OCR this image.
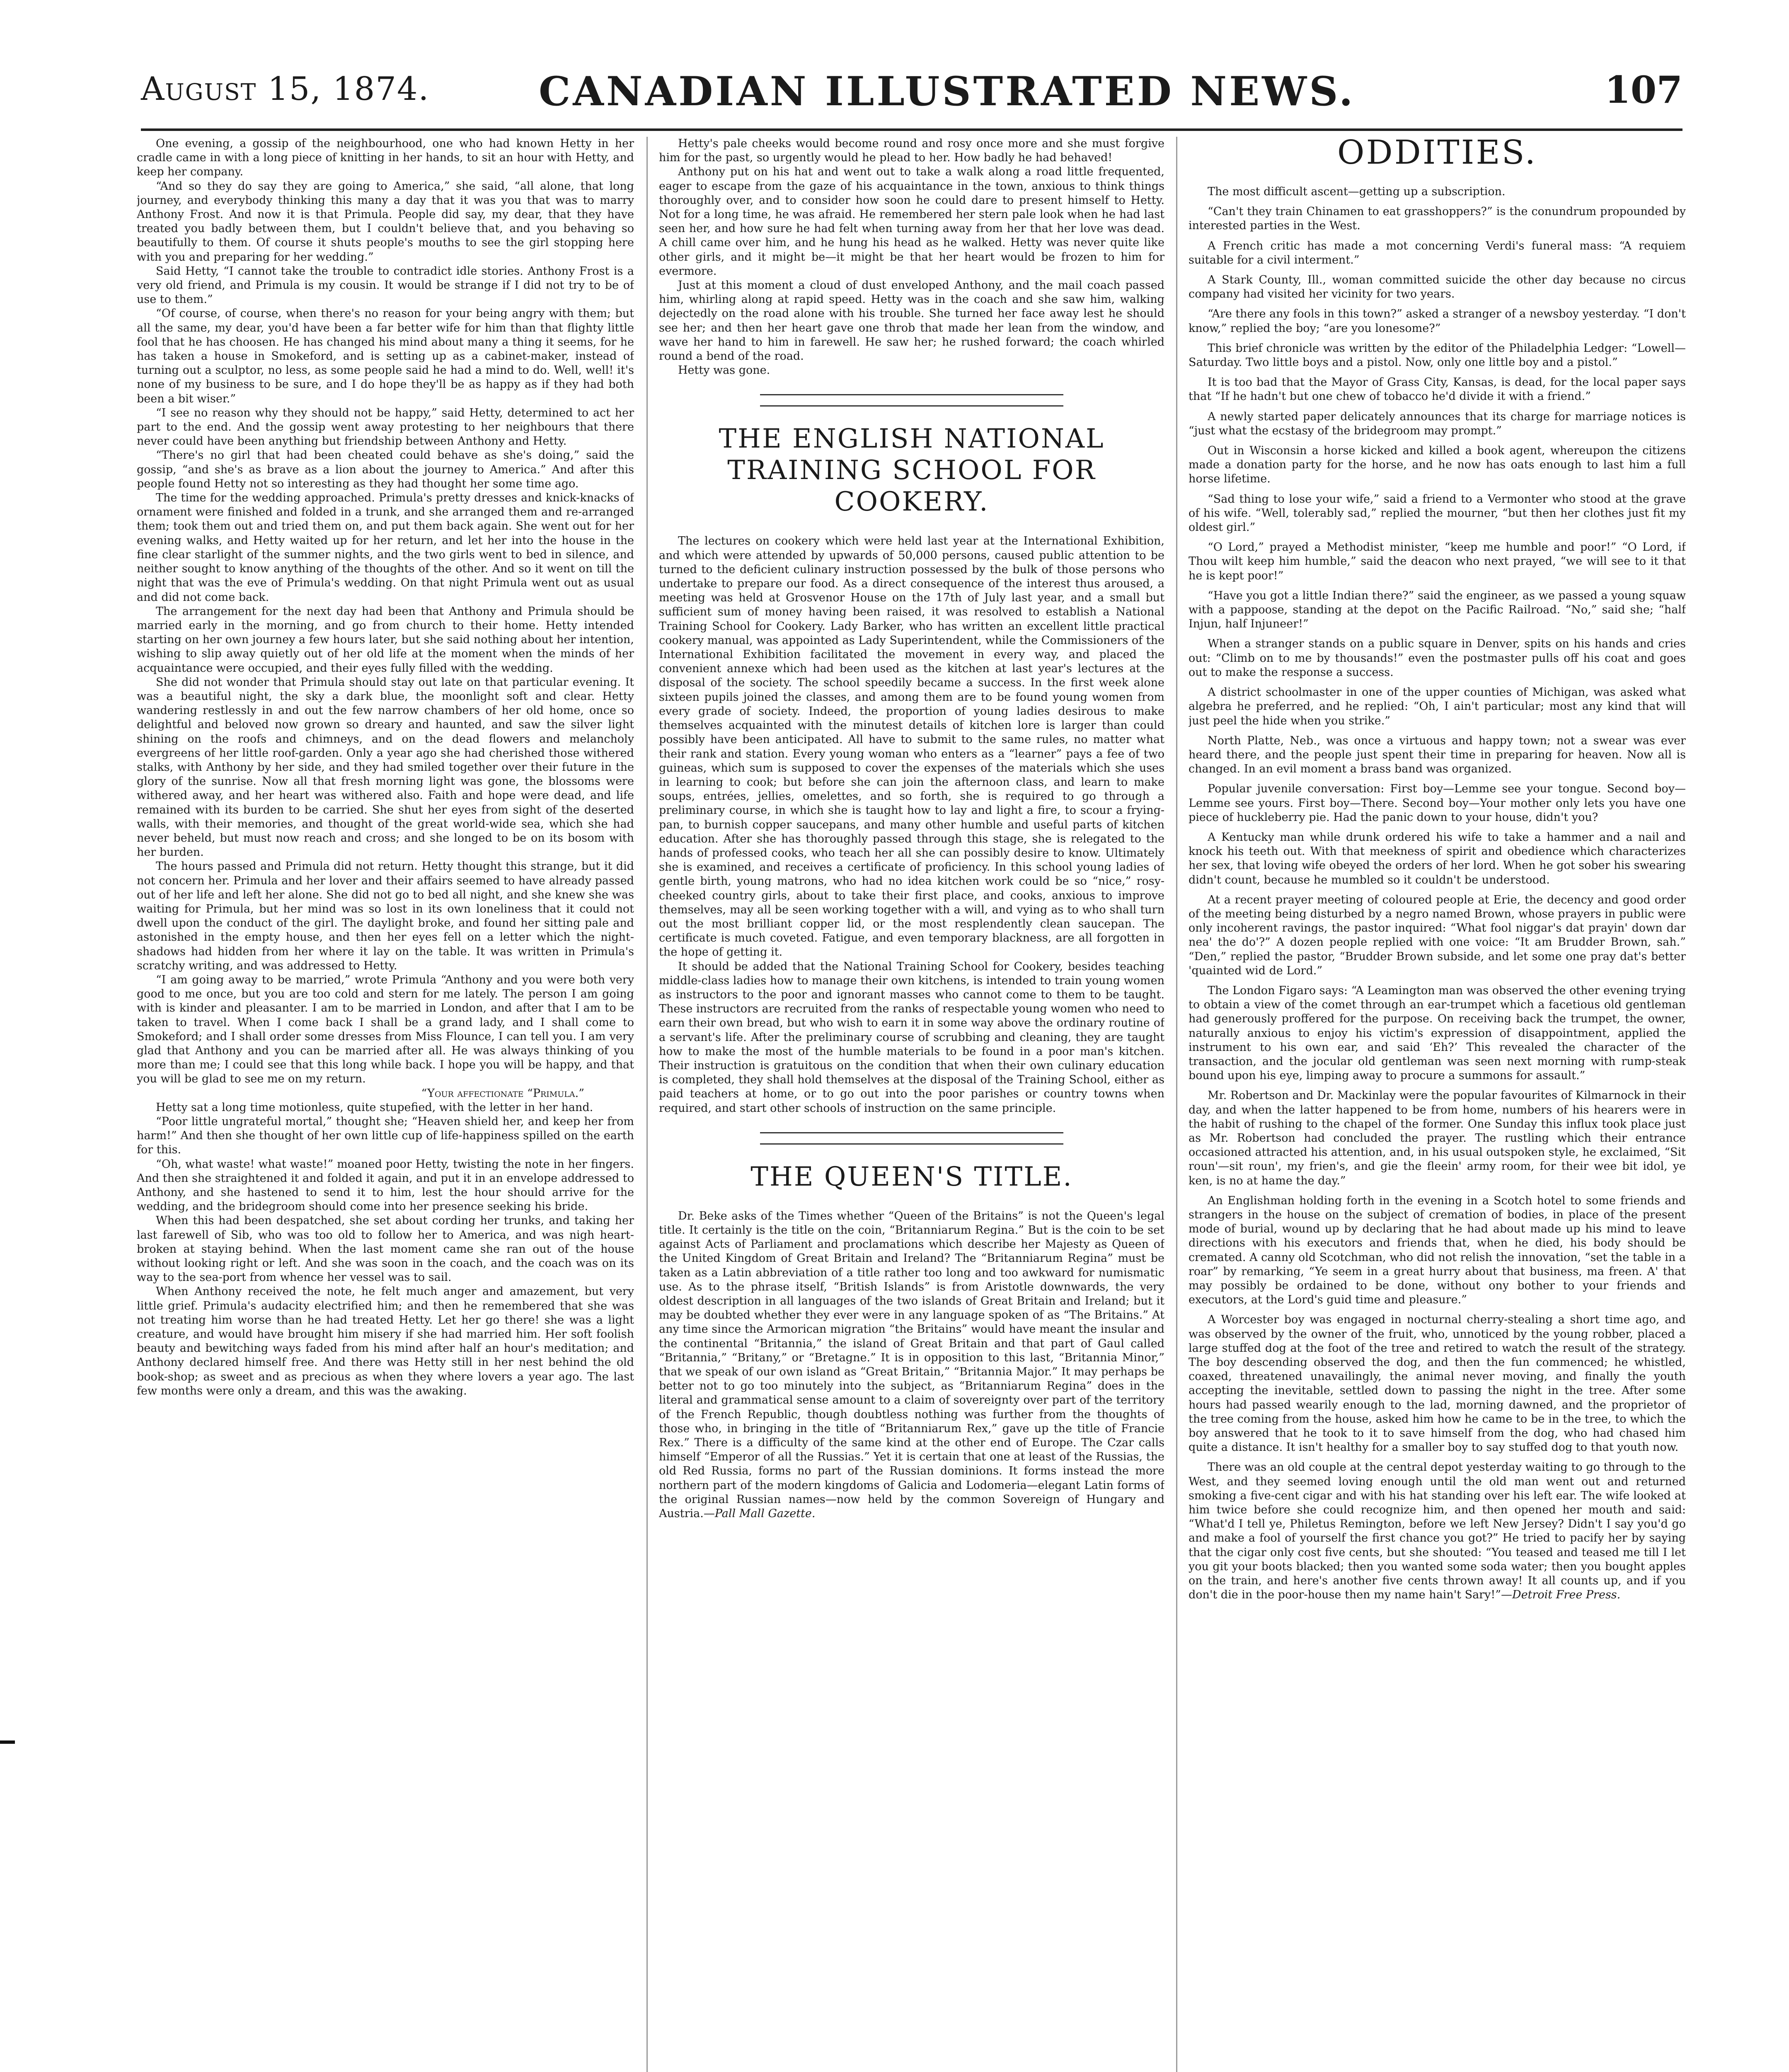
August 15, 1874.	CANADIAN ILLUSTRATED NEWS.	107

One evening, a gossip of the neighbourhood, one who had known Hetty in her cradle came in with a long piece of knitting in her hands, to sit an hour with Hetty, and keep her company.

“And so they do say they are going to America,” she said, “all alone, that long journey, and everybody thinking this many a day that it was you that was to marry Anthony Frost. And now it is that Primula. People did say, my dear, that they have treated you badly between them, but I couldn't believe that, and you behaving so beautifully to them. Of course it shuts people's mouths to see the girl stopping here with you and preparing for her wedding.”

Said Hetty, “I cannot take the trouble to contradict idle stories. Anthony Frost is a very old friend, and Primula is my cousin. It would be strange if I did not try to be of use to them.”

“Of course, of course, when there's no reason for your being angry with them; but all the same, my dear, you'd have been a far better wife for him than that flighty little fool that he has choosen. He has changed his mind about many a thing it seems, for he has taken a house in Smokeford, and is setting up as a cabinet-maker, instead of turning out a sculptor, no less, as some people said he had a mind to do. Well, well! it's none of my business to be sure, and I do hope they'll be as happy as if they had both been a bit wiser.”

“I see no reason why they should not be happy,” said Hetty, determined to act her part to the end. And the gossip went away protesting to her neighbours that there never could have been anything but friendship between Anthony and Hetty.

“There's no girl that had been cheated could behave as she's doing,” said the gossip, “and she's as brave as a lion about the journey to America.” And after this people found Hetty not so interesting as they had thought her some time ago.

The time for the wedding approached. Primula's pretty dresses and knick-knacks of ornament were finished and folded in a trunk, and she arranged them and re-arranged them; took them out and tried them on, and put them back again. She went out for her evening walks, and Hetty waited up for her return, and let her into the house in the fine clear starlight of the summer nights, and the two girls went to bed in silence, and neither sought to know anything of the thoughts of the other. And so it went on till the night that was the eve of Primula's wedding. On that night Primula went out as usual and did not come back.

The arrangement for the next day had been that Anthony and Primula should be married early in the morning, and go from church to their home. Hetty intended starting on her own journey a few hours later, but she said nothing about her intention, wishing to slip away quietly out of her old life at the moment when the minds of her acquaintance were occupied, and their eyes fully filled with the wedding.

She did not wonder that Primula should stay out late on that particular evening. It was a beautiful night, the sky a dark blue, the moonlight soft and clear. Hetty wandering restlessly in and out the few narrow chambers of her old home, once so delightful and beloved now grown so dreary and haunted, and saw the silver light shining on the roofs and chimneys, and on the dead flowers and melancholy evergreens of her little roof-garden. Only a year ago she had cherished those withered stalks, with Anthony by her side, and they had smiled together over their future in the glory of the sunrise. Now all that fresh morning light was gone, the blossoms were withered away, and her heart was withered also. Faith and hope were dead, and life remained with its burden to be carried. She shut her eyes from sight of the deserted walls, with their memories, and thought of the great world-wide sea, which she had never beheld, but must now reach and cross; and she longed to be on its bosom with her burden.

The hours passed and Primula did not return. Hetty thought this strange, but it did not concern her. Primula and her lover and their affairs seemed to have already passed out of her life and left her alone. She did not go to bed all night, and she knew she was waiting for Primula, but her mind was so lost in its own loneliness that it could not dwell upon the conduct of the girl. The daylight broke, and found her sitting pale and astonished in the empty house, and then her eyes fell on a letter which the night-shadows had hidden from her where it lay on the table. It was written in Primula's scratchy writing, and was addressed to Hetty.

“I am going away to be married,” wrote Primula “Anthony and you were both very good to me once, but you are too cold and stern for me lately. The person I am going with is kinder and pleasanter. I am to be married in London, and after that I am to be taken to travel. When I come back I shall be a grand lady, and I shall come to Smokeford; and I shall order some dresses from Miss Flounce, I can tell you. I am very glad that Anthony and you can be married after all. He was always thinking of you more than me; I could see that this long while back. I hope you will be happy, and that you will be glad to see me on my return.

“Your affectionate “Primula.”

Hetty sat a long time motionless, quite stupefied, with the letter in her hand.

“Poor little ungrateful mortal,” thought she; “Heaven shield her, and keep her from harm!” And then she thought of her own little cup of life-happiness spilled on the earth for this.

“Oh, what waste! what waste!” moaned poor Hetty, twisting the note in her fingers. And then she straightened it and folded it again, and put it in an envelope addressed to Anthony, and she hastened to send it to him, lest the hour should arrive for the wedding, and the bridegroom should come into her presence seeking his bride.

When this had been despatched, she set about cording her trunks, and taking her last farewell of Sib, who was too old to follow her to America, and was nigh heart-broken at staying behind. When the last moment came she ran out of the house without looking right or left. And she was soon in the coach, and the coach was on its way to the sea-port from whence her vessel was to sail.

When Anthony received the note, he felt much anger and amazement, but very little grief. Primula's audacity electrified him; and then he remembered that she was not treating him worse than he had treated Hetty. Let her go there! she was a light creature, and would have brought him misery if she had married him. Her soft foolish beauty and bewitching ways faded from his mind after half an hour's meditation; and Anthony declared himself free. And there was Hetty still in her nest behind the old book-shop; as sweet and as precious as when they where lovers a year ago. The last few months were only a dream, and this was the awaking.

Hetty's pale cheeks would become round and rosy once more and she must forgive him for the past, so urgently would he plead to her. How badly he had behaved!

Anthony put on his hat and went out to take a walk along a road little frequented, eager to escape from the gaze of his acquaintance in the town, anxious to think things thoroughly over, and to consider how soon he could dare to present himself to Hetty. Not for a long time, he was afraid. He remembered her stern pale look when he had last seen her, and how sure he had felt when turning away from her that her love was dead. A chill came over him, and he hung his head as he walked. Hetty was never quite like other girls, and it might be—it might be that her heart would be frozen to him for evermore.

Just at this moment a cloud of dust enveloped Anthony, and the mail coach passed him, whirling along at rapid speed. Hetty was in the coach and she saw him, walking dejectedly on the road alone with his trouble. She turned her face away lest he should see her; and then her heart gave one throb that made her lean from the window, and wave her hand to him in farewell. He saw her; he rushed forward; the coach whirled round a bend of the road.

Hetty was gone.

THE ENGLISH NATIONAL TRAINING SCHOOL FOR COOKERY.

The lectures on cookery which were held last year at the International Exhibition, and which were attended by upwards of 50,000 persons, caused public attention to be turned to the deficient culinary instruction possessed by the bulk of those persons who undertake to prepare our food. As a direct consequence of the interest thus aroused, a meeting was held at Grosvenor House on the 17th of July last year, and a small but sufficient sum of money having been raised, it was resolved to establish a National Training School for Cookery. Lady Barker, who has written an excellent little practical cookery manual, was appointed as Lady Superintendent, while the Commissioners of the International Exhibition facilitated the movement in every way, and placed the convenient annexe which had been used as the kitchen at last year's lectures at the disposal of the society. The school speedily became a success. In the first week alone sixteen pupils joined the classes, and among them are to be found young women from every grade of society. Indeed, the proportion of young ladies desirous to make themselves acquainted with the minutest details of kitchen lore is larger than could possibly have been anticipated. All have to submit to the same rules, no matter what their rank and station. Every young woman who enters as a “learner” pays a fee of two guineas, which sum is supposed to cover the expenses of the materials which she uses in learning to cook; but before she can join the afternoon class, and learn to make soups, entrées, jellies, omelettes, and so forth, she is required to go through a preliminary course, in which she is taught how to lay and light a fire, to scour a frying-pan, to burnish copper saucepans, and many other humble and useful parts of kitchen education. After she has thoroughly passed through this stage, she is relegated to the hands of professed cooks, who teach her all she can possibly desire to know. Ultimately she is examined, and receives a certificate of proficiency. In this school young ladies of gentle birth, young matrons, who had no idea kitchen work could be so “nice,” rosy-cheeked country girls, about to take their first place, and cooks, anxious to improve themselves, may all be seen working together with a will, and vying as to who shall turn out the most brilliant copper lid, or the most resplendently clean saucepan. The certificate is much coveted. Fatigue, and even temporary blackness, are all forgotten in the hope of getting it.

It should be added that the National Training School for Cookery, besides teaching middle-class ladies how to manage their own kitchens, is intended to train young women as instructors to the poor and ignorant masses who cannot come to them to be taught. These instructors are recruited from the ranks of respectable young women who need to earn their own bread, but who wish to earn it in some way above the ordinary routine of a servant's life. After the preliminary course of scrubbing and cleaning, they are taught how to make the most of the humble materials to be found in a poor man's kitchen. Their instruction is gratuitous on the condition that when their own culinary education is completed, they shall hold themselves at the disposal of the Training School, either as paid teachers at home, or to go out into the poor parishes or country towns when required, and start other schools of instruction on the same principle.

THE QUEEN'S TITLE.

Dr. Beke asks of the Times whether “Queen of the Britains” is not the Queen's legal title. It certainly is the title on the coin, “Britanniarum Regina.” But is the coin to be set against Acts of Parliament and proclamations which describe her Majesty as Queen of the United Kingdom of Great Britain and Ireland? The “Britanniarum Regina” must be taken as a Latin abbreviation of a title rather too long and too awkward for numismatic use. As to the phrase itself, “British Islands” is from Aristotle downwards, the very oldest description in all languages of the two islands of Great Britain and Ireland; but it may be doubted whether they ever were in any language spoken of as “The Britains.” At any time since the Armorican migration “the Britains” would have meant the insular and the continental “Britannia,” the island of Great Britain and that part of Gaul called “Britannia,” “Britany,” or “Bretagne.” It is in opposition to this last, “Britannia Minor,” that we speak of our own island as “Great Britain,” “Britannia Major.” It may perhaps be better not to go too minutely into the subject, as “Britanniarum Regina” does in the literal and grammatical sense amount to a claim of sovereignty over part of the territory of the French Republic, though doubtless nothing was further from the thoughts of those who, in bringing in the title of “Britanniarum Rex,” gave up the title of Francie Rex.” There is a difficulty of the same kind at the other end of Europe. The Czar calls himself “Emperor of all the Russias.” Yet it is certain that one at least of the Russias, the old Red Russia, forms no part of the Russian dominions. It forms instead the more northern part of the modern kingdoms of Galicia and Lodomeria—elegant Latin forms of the original Russian names—now held by the common Sovereign of Hungary and Austria.—Pall Mall Gazette.

ODDITIES.

The most difficult ascent—getting up a subscription.

“Can't they train Chinamen to eat grasshoppers?” is the conundrum propounded by interested parties in the West.

A French critic has made a mot concerning Verdi's funeral mass: “A requiem suitable for a civil interment.”

A Stark County, Ill., woman committed suicide the other day because no circus company had visited her vicinity for two years.

“Are there any fools in this town?” asked a stranger of a newsboy yesterday. “I don't know,” replied the boy; “are you lonesome?”

This brief chronicle was written by the editor of the Philadelphia Ledger: “Lowell—Saturday. Two little boys and a pistol. Now, only one little boy and a pistol.”

It is too bad that the Mayor of Grass City, Kansas, is dead, for the local paper says that “If he hadn't but one chew of tobacco he'd divide it with a friend.”

A newly started paper delicately announces that its charge for marriage notices is “just what the ecstasy of the bridegroom may prompt.”

Out in Wisconsin a horse kicked and killed a book agent, whereupon the citizens made a donation party for the horse, and he now has oats enough to last him a full horse lifetime.

“Sad thing to lose your wife,” said a friend to a Vermonter who stood at the grave of his wife. “Well, tolerably sad,” replied the mourner, “but then her clothes just fit my oldest girl.”

“O Lord,” prayed a Methodist minister, “keep me humble and poor!” “O Lord, if Thou wilt keep him humble,” said the deacon who next prayed, “we will see to it that he is kept poor!”

“Have you got a little Indian there?” said the engineer, as we passed a young squaw with a pappoose, standing at the depot on the Pacific Railroad. “No,” said she; “half Injun, half Injuneer!”

When a stranger stands on a public square in Denver, spits on his hands and cries out: “Climb on to me by thousands!” even the postmaster pulls off his coat and goes out to make the response a success.

A district schoolmaster in one of the upper counties of Michigan, was asked what algebra he preferred, and he replied: “Oh, I ain't particular; most any kind that will just peel the hide when you strike.”

North Platte, Neb., was once a virtuous and happy town; not a swear was ever heard there, and the people just spent their time in preparing for heaven. Now all is changed. In an evil moment a brass band was organized.

Popular juvenile conversation: First boy—Lemme see your tongue. Second boy—Lemme see yours. First boy—There. Second boy—Your mother only lets you have one piece of huckleberry pie. Had the panic down to your house, didn't you?

A Kentucky man while drunk ordered his wife to take a hammer and a nail and knock his teeth out. With that meekness of spirit and obedience which characterizes her sex, that loving wife obeyed the orders of her lord. When he got sober his swearing didn't count, because he mumbled so it couldn't be understood.

At a recent prayer meeting of coloured people at Erie, the decency and good order of the meeting being disturbed by a negro named Brown, whose prayers in public were only incoherent ravings, the pastor inquired: “What fool niggar's dat prayin' down dar nea' the do'?” A dozen people replied with one voice: “It am Brudder Brown, sah.” “Den,” replied the pastor, “Brudder Brown subside, and let some one pray dat's better 'quainted wid de Lord.”

The London Figaro says: “A Leamington man was observed the other evening trying to obtain a view of the comet through an ear-trumpet which a facetious old gentleman had generously proffered for the purpose. On receiving back the trumpet, the owner, naturally anxious to enjoy his victim's expression of disappointment, applied the instrument to his own ear, and said ‘Eh?’ This revealed the character of the transaction, and the jocular old gentleman was seen next morning with rump-steak bound upon his eye, limping away to procure a summons for assault.”

Mr. Robertson and Dr. Mackinlay were the popular favourites of Kilmarnock in their day, and when the latter happened to be from home, numbers of his hearers were in the habit of rushing to the chapel of the former. One Sunday this influx took place just as Mr. Robertson had concluded the prayer. The rustling which their entrance occasioned attracted his attention, and, in his usual outspoken style, he exclaimed, “Sit roun'—sit roun', my frien's, and gie the fleein' army room, for their wee bit idol, ye ken, is no at hame the day.”

An Englishman holding forth in the evening in a Scotch hotel to some friends and strangers in the house on the subject of cremation of bodies, in place of the present mode of burial, wound up by declaring that he had about made up his mind to leave directions with his executors and friends that, when he died, his body should be cremated. A canny old Scotchman, who did not relish the innovation, “set the table in a roar” by remarking, “Ye seem in a great hurry about that business, ma freen. A' that may possibly be ordained to be done, without ony bother to your friends and executors, at the Lord's guid time and pleasure.”

A Worcester boy was engaged in nocturnal cherry-stealing a short time ago, and was observed by the owner of the fruit, who, unnoticed by the young robber, placed a large stuffed dog at the foot of the tree and retired to watch the result of the strategy. The boy descending observed the dog, and then the fun commenced; he whistled, coaxed, threatened unavailingly, the animal never moving, and finally the youth accepting the inevitable, settled down to passing the night in the tree. After some hours had passed wearily enough to the lad, morning dawned, and the proprietor of the tree coming from the house, asked him how he came to be in the tree, to which the boy answered that he took to it to save himself from the dog, who had chased him quite a distance. It isn't healthy for a smaller boy to say stuffed dog to that youth now.

There was an old couple at the central depot yesterday waiting to go through to the West, and they seemed loving enough until the old man went out and returned smoking a five-cent cigar and with his hat standing over his left ear. The wife looked at him twice before she could recognize him, and then opened her mouth and said: “What'd I tell ye, Philetus Remington, before we left New Jersey? Didn't I say you'd go and make a fool of yourself the first chance you got?” He tried to pacify her by saying that the cigar only cost five cents, but she shouted: “You teased and teased me till I let you git your boots blacked; then you wanted some soda water; then you bought apples on the train, and here's another five cents thrown away! It all counts up, and if you don't die in the poor-house then my name hain't Sary!”—Detroit Free Press.
